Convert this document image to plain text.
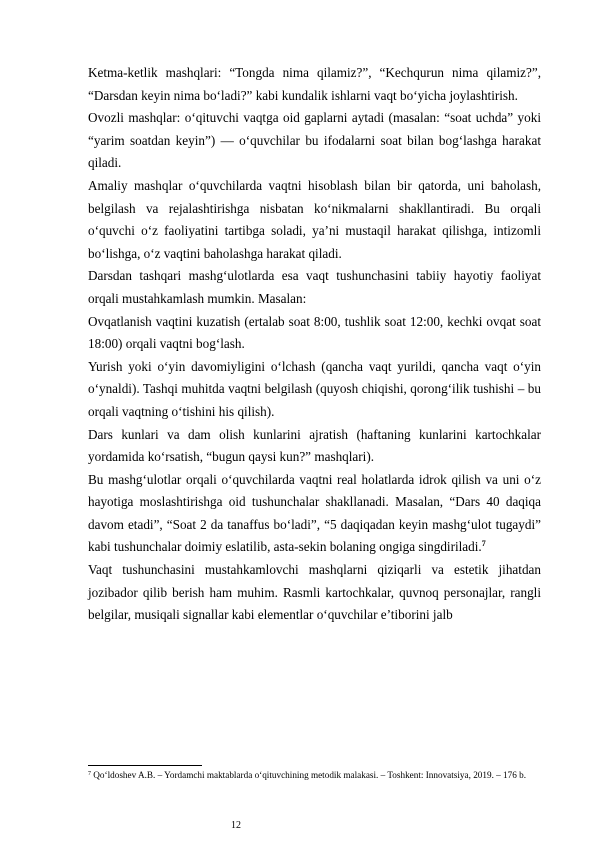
Ketma-ketlik mashqlari: “Tongda nima qilamiz?”, “Kechqurun nima qilamiz?”, “Darsdan keyin nima bo‘ladi?” kabi kundalik ishlarni vaqt bo‘yicha joylashtirish.

Ovozli mashqlar: o‘qituvchi vaqtga oid gaplarni aytadi (masalan: “soat uchda” yoki “yarim soatdan keyin”) — o‘quvchilar bu ifodalarni soat bilan bog‘lashga harakat qiladi.

Amaliy mashqlar o‘quvchilarda vaqtni hisoblash bilan bir qatorda, uni baholash, belgilash va rejalashtirishga nisbatan ko‘nikmalarni shakllantiradi. Bu orqali o‘quvchi o‘z faoliyatini tartibga soladi, ya’ni mustaqil harakat qilishga, intizomli bo‘lishga, o‘z vaqtini baholashga harakat qiladi.

Darsdan tashqari mashg‘ulotlarda esa vaqt tushunchasini tabiiy hayotiy faoliyat orqali mustahkamlash mumkin. Masalan:

Ovqatlanish vaqtini kuzatish (ertalab soat 8:00, tushlik soat 12:00, kechki ovqat soat 18:00) orqali vaqtni bog‘lash.

Yurish yoki o‘yin davomiyligini o‘lchash (qancha vaqt yurildi, qancha vaqt o‘yin o‘ynaldi). Tashqi muhitda vaqtni belgilash (quyosh chiqishi, qorong‘ilik tushishi – bu orqali vaqtning o‘tishini his qilish).

Dars kunlari va dam olish kunlarini ajratish (haftaning kunlarini kartochkalar yordamida ko‘rsatish, “bugun qaysi kun?” mashqlari).

Bu mashg‘ulotlar orqali o‘quvchilarda vaqtni real holatlarda idrok qilish va uni o‘z hayotiga moslashtirishga oid tushunchalar shakllanadi. Masalan, “Dars 40 daqiqa davom etadi”, “Soat 2 da tanaffus bo‘ladi”, “5 daqiqadan keyin mashg‘ulot tugaydi” kabi tushunchalar doimiy eslatilib, asta-sekin bolaning ongiga singdiriladi.$^7$

Vaqt tushunchasini mustahkamlovchi mashqlarni qiziqarli va estetik jihatdan jozibador qilib berish ham muhim. Rasmli kartochkalar, quvnoq personajlar, rangli belgilar, musiqali signallar kabi elementlar o‘quvchilar e’tiborini jalb

$^7$ Qo‘ldoshev A.B. – Yordamchi maktablarda o‘qituvchining metodik malakasi. – Toshkent: Innovatsiya, 2019. – 176 b.
12
